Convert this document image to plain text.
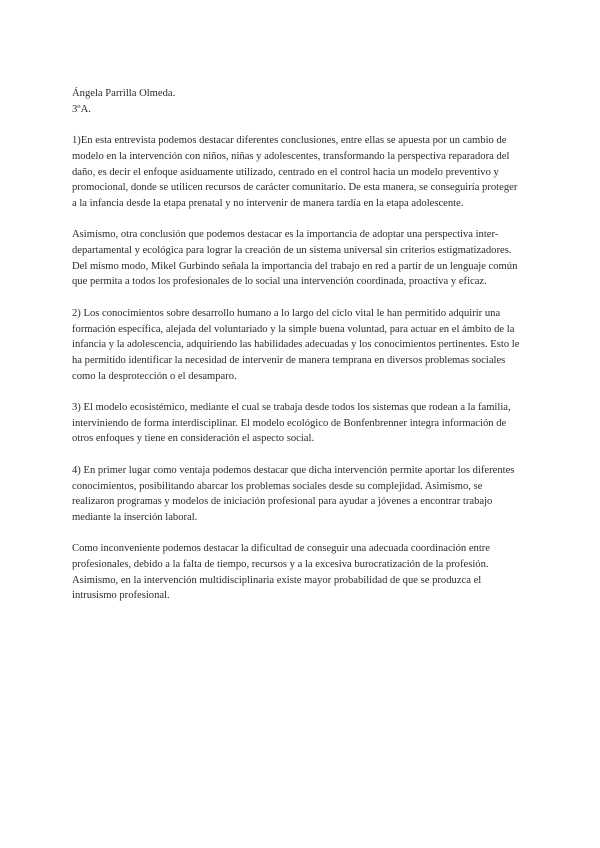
Ángela Parrilla Olmeda.

3ºA.

1)En esta entrevista podemos destacar diferentes conclusiones, entre ellas se apuesta por un cambio de modelo en la intervención con niños, niñas y adolescentes, transformando la perspectiva reparadora del daño, es decir el enfoque asiduamente utilizado, centrado en el control hacia un modelo preventivo y promocional, donde se utilicen recursos de carácter comunitario. De esta manera, se conseguiría proteger a la infancia desde la etapa prenatal y no intervenir de manera tardía en la etapa adolescente.

Asimismo, otra conclusión que podemos destacar es la importancia de adoptar una perspectiva inter-departamental y ecológica para lograr la creación de un sistema universal sin criterios estigmatizadores. Del mismo modo, Mikel Gurbindo señala la importancia del trabajo en red a partir de un lenguaje común que permita a todos los profesionales de lo social una intervención coordinada, proactiva y eficaz.

2) Los conocimientos sobre desarrollo humano a lo largo del ciclo vital le han permitido adquirir una formación específica, alejada del voluntariado y la simple buena voluntad, para actuar en el ámbito de la infancia y la adolescencia, adquiriendo las habilidades adecuadas y los conocimientos pertinentes. Esto le ha permitido identificar la necesidad de intervenir de manera temprana en diversos problemas sociales como la desprotección o el desamparo.

3) El modelo ecosistémico, mediante el cual se trabaja desde todos los sistemas que rodean a la familia, interviniendo de forma interdisciplinar. El modelo ecológico de Bonfenbrenner integra información de otros enfoques y tiene en consideración el aspecto social.

4) En primer lugar como ventaja podemos destacar que dicha intervención permite aportar los diferentes conocimientos, posibilitando abarcar los problemas sociales desde su complejidad. Asimismo, se realizaron programas y modelos de iniciación profesional para ayudar a jóvenes a encontrar trabajo mediante la inserción laboral.

Como inconveniente podemos destacar la dificultad de conseguir una adecuada coordinación entre profesionales, debido a la falta de tiempo, recursos y a la excesiva burocratización de la profesión. Asimismo, en la intervención multidisciplinaria existe mayor probabilidad de que se produzca el intrusismo profesional.
